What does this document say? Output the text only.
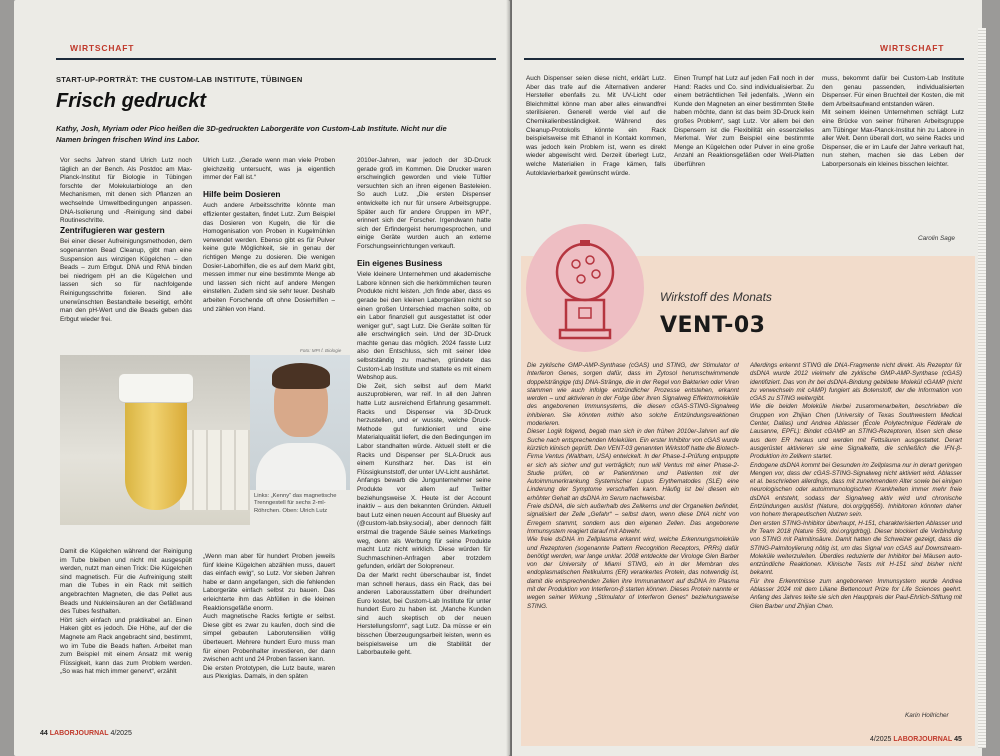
WIRTSCHAFT
START-UP-PORTRÄT: THE CUSTOM-LAB INSTITUTE, TÜBINGEN
Frisch gedruckt
Kathy, Josh, Myriam oder Pico heißen die 3D-gedruckten Laborgeräte von Custom-Lab Institute. Nicht nur die Namen bringen frischen Wind ins Labor.

Vor sechs Jahren stand Ulrich Lutz noch täglich an der Bench. Als Postdoc am Max-Planck-Institut für Biologie in Tübingen forschte der Molekularbiologe an den Mechanismen, mit denen sich Pflanzen an wechselnde Umweltbedingungen anpassen. DNA-Isolierung und -Reinigung sind dabei Routineschritte.

Zentrifugieren war gestern

Bei einer dieser Aufreinigungsmethoden, dem sogenannten Bead Cleanup, gibt man eine Suspension aus winzigen Kügelchen – den Beads – zum Erbgut. DNA und RNA binden bei niedrigem pH an die Kügelchen und lassen sich so für nachfolgende Reinigungsschritte fixieren. Sind alle unerwünschten Bestandteile beseitigt, erhöht man den pH-Wert und die Beads geben das Erbgut wieder frei.

Ulrich Lutz. „Gerade wenn man viele Proben gleichzeitig untersucht, was ja eigentlich immer der Fall ist.“

Hilfe beim Dosieren

Auch andere Arbeitsschritte könnte man effizienter gestalten, findet Lutz. Zum Beispiel das Dosieren von Kugeln, die für die Homogenisation von Proben in Kugelmühlen verwendet werden. Ebenso gibt es für Pulver keine gute Möglichkeit, sie in genau der richtigen Menge zu dosieren. Die wenigen Dosier-Laborhilfen, die es auf dem Markt gibt, messen immer nur eine bestimmte Menge ab und lassen sich nicht auf andere Mengen einstellen. Zudem sind sie sehr teuer. Deshalb arbeiten Forschende oft ohne Dosierhilfen – und zählen von Hand.

2010er-Jahren, war jedoch der 3D-Druck gerade groß im Kommen. Die Drucker waren erschwinglich geworden und viele Tüftler versuchten sich an ihren eigenen Basteleien. So auch Lutz. „Die ersten Dispenser entwickelte ich nur für unsere Arbeitsgruppe. Später auch für andere Gruppen im MPI“, erinnert sich der Forscher. Irgendwann hatte sich der Erfindergeist herumgesprochen, und einige Geräte wurden auch an externe Forschungseinrichtungen verkauft.

Ein eigenes Business

Viele kleinere Unternehmen und akademische Labore können sich die herkömmlichen teuren Produkte nicht leisten. „Ich finde aber, dass es gerade bei den kleinen Laborgeräten nicht so einen großen Unterschied machen sollte, ob ein Labor finanziell gut ausgestattet ist oder weniger gut“, sagt Lutz. Die Geräte sollten für alle erschwinglich sein. Und der 3D-Druck machte genau das möglich. 2024 fasste Lutz also den Entschluss, sich mit seiner Idee selbstständig zu machen, gründete das Custom-Lab Institute und stattete es mit einem Webshop aus.

Die Zeit, sich selbst auf dem Markt auszuprobieren, war reif. In all den Jahren hatte Lutz ausreichend Erfahrung gesammelt. Racks und Dispenser via 3D-Druck herzustellen, und er wusste, welche Druck-Methode gut funktioniert und eine Materialqualität liefert, die den Bedingungen im Labor standhalten würde. Aktuell stellt er die Racks und Dispenser per SLA-Druck aus einem Kunstharz her. Das ist ein Flüssigkunststoff, der unter UV-Licht aushärtet.

Anfangs bewarb die Jungunternehmer seine Produkte vor allem auf Twitter beziehungsweise X. Heute ist der Account inaktiv – aus den bekannten Gründen. Aktuell baut Lutz einen neuen Account auf Bluesky auf (@custom-lab.bsky.social), aber dennoch fällt erstmal die tragende Säule seines Marketings weg, denn als Werbung für seine Produkte macht Lutz nicht wirklich. Diese würden für Suchmaschinen-Anfragen aber trotzdem gefunden, erklärt der Solopreneur.

Da der Markt recht überschaubar ist, findet man schnell heraus, dass ein Rack, das bei anderen Laborausstattern über dreihundert Euro kostet, bei Custom-Lab Institute für unter hundert Euro zu haben ist. „Manche Kunden sind auch skeptisch ob der neuen Herstellungsform“, sagt Lutz. Da müsse er ein bisschen Überzeugungsarbeit leisten, wenn es beispielsweise um die Stabilität der Laborbauteile geht.

Foto: MPI f. Biologie
Links: „Kenny“ das magnetische Trenngestell für sechs 2-ml-Röhrchen. Oben: Ulrich Lutz

Damit die Kügelchen während der Reinigung im Tube bleiben und nicht mit ausgespült werden, nutzt man einen Trick: Die Kügelchen sind magnetisch. Für die Aufreinigung stellt man die Tubes in ein Rack mit seitlich angebrachten Magneten, die das Pellet aus Beads und Nukleinsäuren an der Gefäßwand des Tubes festhalten.

Hört sich einfach und praktikabel an. Einen Haken gibt es jedoch. Die Höhe, auf der die Magnete am Rack angebracht sind, bestimmt, wo im Tube die Beads haften. Arbeitet man zum Beispiel mit einem Ansatz mit wenig Flüssigkeit, kann das zum Problem werden. „So was hat mich immer genervt“, erzählt

„Wenn man aber für hundert Proben jeweils fünf kleine Kügelchen abzählen muss, dauert das einfach ewig“, so Lutz. Vor sieben Jahren habe er dann angefangen, sich die fehlenden Laborgeräte einfach selbst zu bauen. Das erleichterte ihm das Abfüllen in die kleinen Reaktionsgefäße enorm.

Auch magnetische Racks fertigte er selbst. Diese gibt es zwar zu kaufen, doch sind die simpel gebauten Laborutensilien völlig überteuert. Mehrere hundert Euro muss man für einen Probenhalter investieren, der dann zwischen acht und 24 Proben fassen kann.

Die ersten Prototypen, die Lutz baute, waren aus Plexiglas. Damals, in den späten

44 LABORJOURNAL 4/2025
WIRTSCHAFT

Auch Dispenser seien diese nicht, erklärt Lutz. Aber das trafe auf die Alternativen anderer Hersteller ebenfalls zu. Mit UV-Licht oder Bleichmittel könne man aber alles einwandfrei sterilisieren. Generell werde viel auf die Chemikalienbeständigkeit. Während des Cleanup-Protokolls könnte ein Rack beispielsweise mit Ethanol in Kontakt kommen, was jedoch kein Problem ist, wenn es direkt wieder abgewischt wird. Derzeit überlegt Lutz, welche Materialien in Frage kämen, falls Autoklavierbarkeit gewünscht würde.

Einen Trumpf hat Lutz auf jeden Fall noch in der Hand: Racks und Co. sind individualisierbar. Zu einem beträchtlichen Teil jedenfalls. „Wenn ein Kunde den Magneten an einer bestimmten Stelle haben möchte, dann ist das beim 3D-Druck kein großes Problem“, sagt Lutz. Vor allem bei den Dispensern ist die Flexibilität ein essenzielles Merkmal. Wer zum Beispiel eine bestimmte Menge an Kügelchen oder Pulver in eine große Anzahl an Reaktionsgefäßen oder Well-Platten überführen

muss, bekommt dafür bei Custom-Lab Institute den genau passenden, individualisierten Dispenser. Für einen Bruchteil der Kosten, die mit dem Arbeitsaufwand entstanden wären.

Mit seinem kleinen Unternehmen schlägt Lutz eine Brücke von seiner früheren Arbeitsgruppe am Tübinger Max-Planck-Institut hin zu Labore in aller Welt. Denn überall dort, wo seine Racks und Dispenser, die er im Laufe der Jahre verkauft hat, nun stehen, machen sie das Leben der Laborpersonals ein kleines bisschen leichter.

Carolin Sage
Wirkstoff des Monats
VENT-03

Die zyklische GMP-AMP-Synthase (cGAS) und STING, der Stimulator of Interferon Genes, sorgen dafür, dass im Zytosol herumschwimmende doppelsträngige (ds) DNA-Stränge, die in der Regel von Bakterien oder Viren stammen wie auch infolge entzündlicher Prozesse entstehen, erkannt werden – und aktivieren in der Folge über ihren Signalweg Effektormoleküle des angeborenen Immunsystems, die diesen cGAS-STING-Signalweg inhibieren. Sie könnten mithin also solche Entzündungsreaktionen moderieren.

Dieser Logik folgend, begab man sich in den frühen 2010er-Jahren auf die Suche nach entsprechenden Molekülen. Ein erster Inhibitor von cGAS wurde kürzlich klinisch geprüft. Den VENT-03 genannten Wirkstoff hatte die Biotech-Firma Ventus (Waltham, USA) entwickelt. In der Phase-1-Prüfung entpuppte er sich als sicher und gut verträglich; nun will Ventus mit einer Phase-2-Studie prüfen, ob er Patientinnen und Patienten mit der Autoimmunerkrankung Systemischer Lupus Erythematodes (SLE) eine Linderung der Symptome verschaffen kann. Häufig ist bei diesen ein erhöhter Gehalt an dsDNA im Serum nachweisbar.

Freie dsDNA, die sich außerhalb des Zellkerns und der Organellen befindet, signalisiert der Zelle „Gefahr“ – selbst dann, wenn diese DNA nicht von Erregern stammt, sondern aus den eigenen Zellen. Das angeborene Immunsystem reagiert darauf mit Abwehr.

Wie freie dsDNA im Zellplasma erkannt wird, welche Erkennungsmoleküle und Rezeptoren (sogenannte Pattern Recognition Receptors, PRRs) dafür benötigt werden, war lange unklar. 2008 entdeckte der Virologe Glen Barber von der University of Miami STING, ein in der Membran des endoplasmatischen Retikulums (ER) verankertes Protein, das notwendig ist, damit die entsprechenden Zellen ihre Immunantwort auf dsDNA im Plasma mit der Produktion von Interferon-β starten können. Dieses Protein nannte er wegen seiner Wirkung „Stimulator of Interferon Genes“ beziehungsweise STING.

Allerdings erkennt STING die DNA-Fragmente nicht direkt. Als Rezeptor für dsDNA wurde 2012 vielmehr die zyklische GMP-AMP-Synthase (cGAS) identifiziert. Das von ihr bei dsDNA-Bindung gebildete Molekül cGAMP (nicht zu verwechseln mit cAMP) fungiert als Botenstoff, der die Information von cGAS zu STING weitergibt.

Wie die beiden Moleküle hierbei zusammenarbeiten, beschrieben die Gruppen von Zhijian Chen (University of Texas Southwestern Medical Center, Dallas) und Andrea Ablasser (École Polytechnique Fédérale de Lausanne, EPFL): Bindet cGAMP an STING-Rezeptoren, lösen sich diese aus dem ER heraus und werden mit Fettsäuren ausgestattet. Derart ausgerüstet aktivieren sie eine Signalkette, die schließlich die IFN-β-Produktion im Zellkern startet.

Endogene dsDNA kommt bei Gesunden im Zellplasma nur in derart geringen Mengen vor, dass der cGAS-STING-Signalweg nicht aktiviert wird. Ablasser et al. beschrieben allerdings, dass mit zunehmendem Alter sowie bei einigen neurologischen oder autoimmunologischen Krankheiten immer mehr freie dsDNA entsteht, sodass der Signalweg aktiv wird und chronische Entzündungen auslöst (Nature, doi.org/gq656). Inhibitoren könnten daher von hohem therapeutischen Nutzen sein.

Den ersten STING-Inhibitor überhaupt, H-151, charakterisierten Ablasser und ihr Team 2018 (Nature 559, doi.org/gdrbgj). Dieser blockiert die Verbindung von STING mit Palmitinsäure. Damit hatten die Schweizer gezeigt, dass die STING-Palmitoylierung nötig ist, um das Signal von cGAS auf Downstream-Moleküle weiterzuleiten. Überdies reduzierte der Inhibitor bei Mäusen auto-entzündliche Reaktionen. Klinische Tests mit H-151 sind bisher nicht bekannt.

Für ihre Erkenntnisse zum angeborenen Immunsystem wurde Andrea Ablasser 2024 mit dem Liliane Bettencourt Prize for Life Sciences geehrt. Anfang des Jahres teilte sie sich den Hauptpreis der Paul-Ehrlich-Stiftung mit Glen Barber und Zhijian Chen.

Karin Hollricher
4/2025 LABORJOURNAL 45
